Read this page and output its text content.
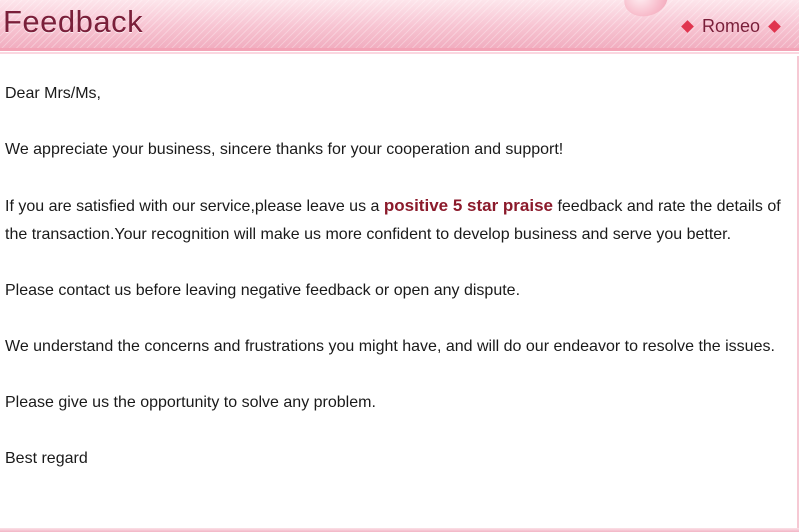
Feedback	Romeo

Dear Mrs/Ms,

We appreciate your business, sincere thanks for your cooperation and support!

If you are satisfied with our service,please leave us a positive 5 star praise feedback and rate the details of the transaction.Your recognition will make us more confident to develop business and serve you better.

Please contact us before leaving negative feedback or open any dispute.

We understand the concerns and frustrations you might have, and will do our endeavor to resolve the issues.

Please give us the opportunity to solve any problem.

Best regard
